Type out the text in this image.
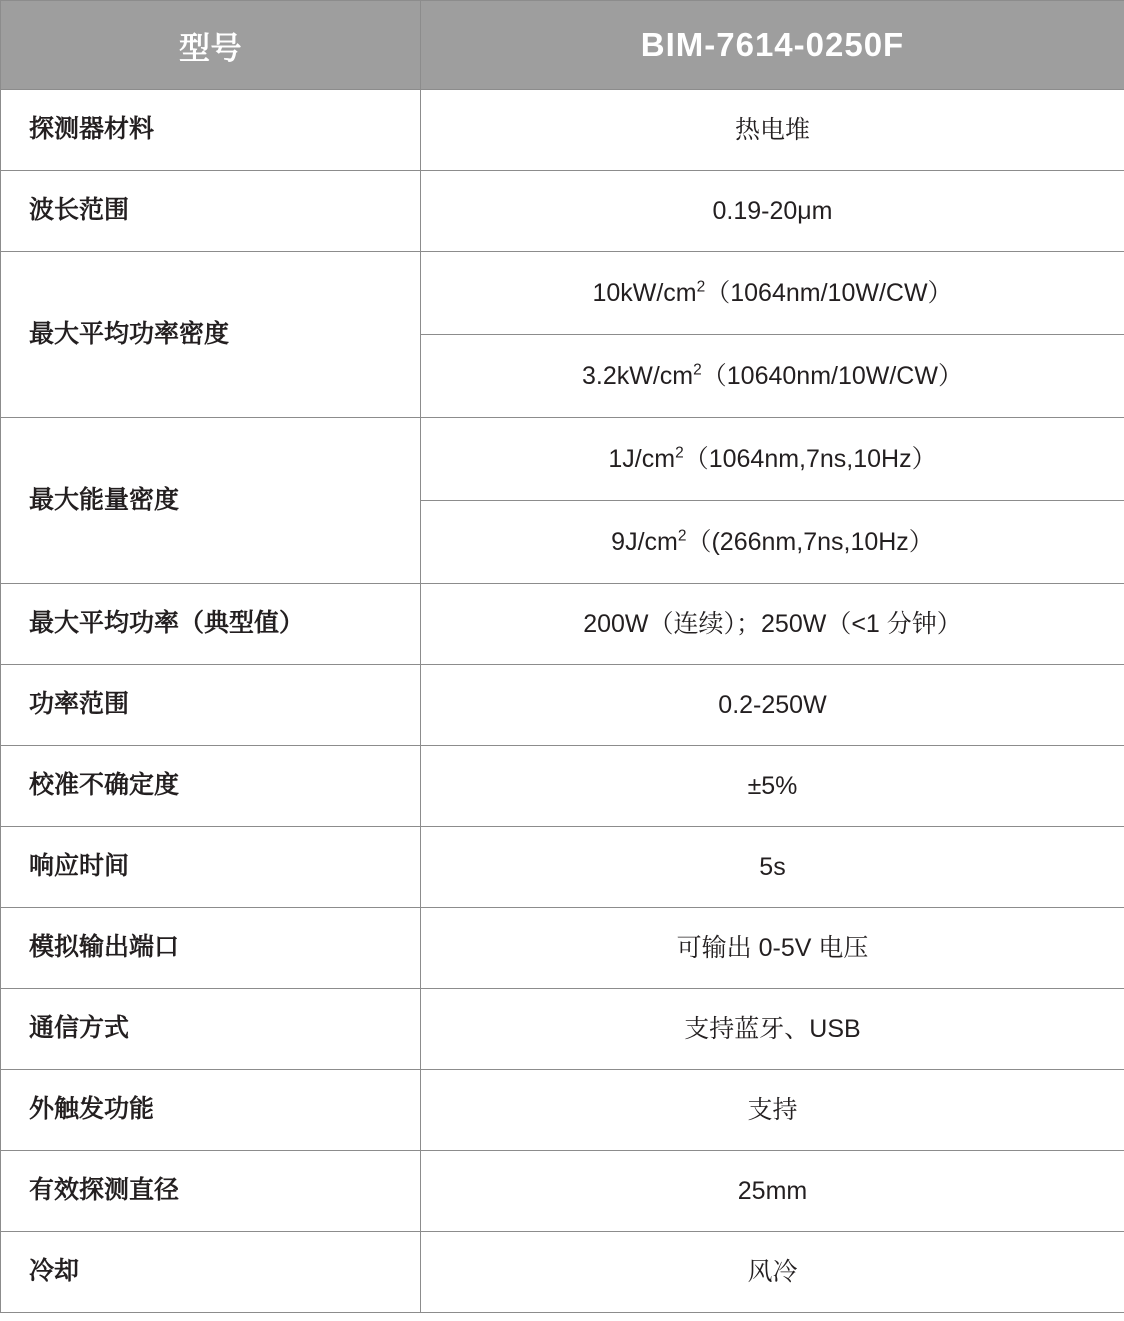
型号	BIM-7614-0250F
探测器材料	热电堆
波长范围	0.19-20μm
最大平均功率密度	$10kW/cm^2(1064nm/10W/CW)$
	$3.2kW/cm^2(10640nm/10W/CW)$
最大能量密度	$1J/cm^2(1064nm,7ns,10Hz)$
	$9J/cm^2((266nm,7ns,10Hz)$
最大平均功率（典型值）	200W（连续）；250W（<1 分钟）
功率范围	0.2-250W
校准不确定度	±5%
响应时间	5s
模拟输出端口	可输出 0-5V 电压
通信方式	支持蓝牙、USB
外触发功能	支持
有效探测直径	25mm
冷却	风冷
